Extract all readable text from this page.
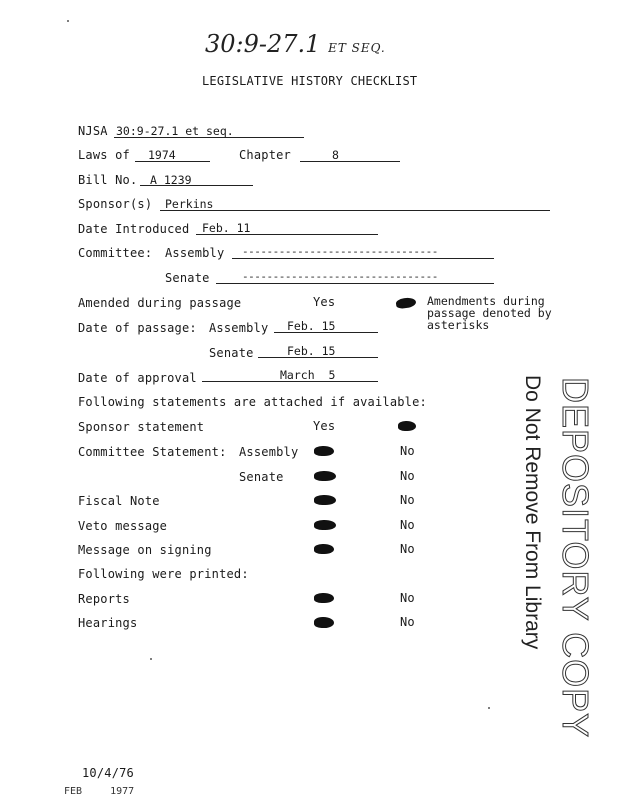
30:9-27.1 ET SEQ.
LEGISLATIVE HISTORY CHECKLIST
NJSA 30:9-27.1 et seq.
Laws of 1974	Chapter	8
Bill No. A 1239
Sponsor(s) Perkins
Date Introduced Feb. 11
Committee: Assembly --------------------------------
Senate	--------------------------------
Amended during passage	Yes	Amendments during
passage denoted by
asterisks
Date of passage: Assembly Feb. 15
Senate	Feb. 15
Date of approval	March  5
Following statements are attached if available:
Sponsor statement	Yes
Committee Statement: Assembly	No
Senate	No
Fiscal Note	No
Veto message	No
Message on signing	No
Following were printed:
Reports	No
Hearings	No	DEPOSITORY COPY
Do Not Remove From Library
10/4/76
FEB	1977
